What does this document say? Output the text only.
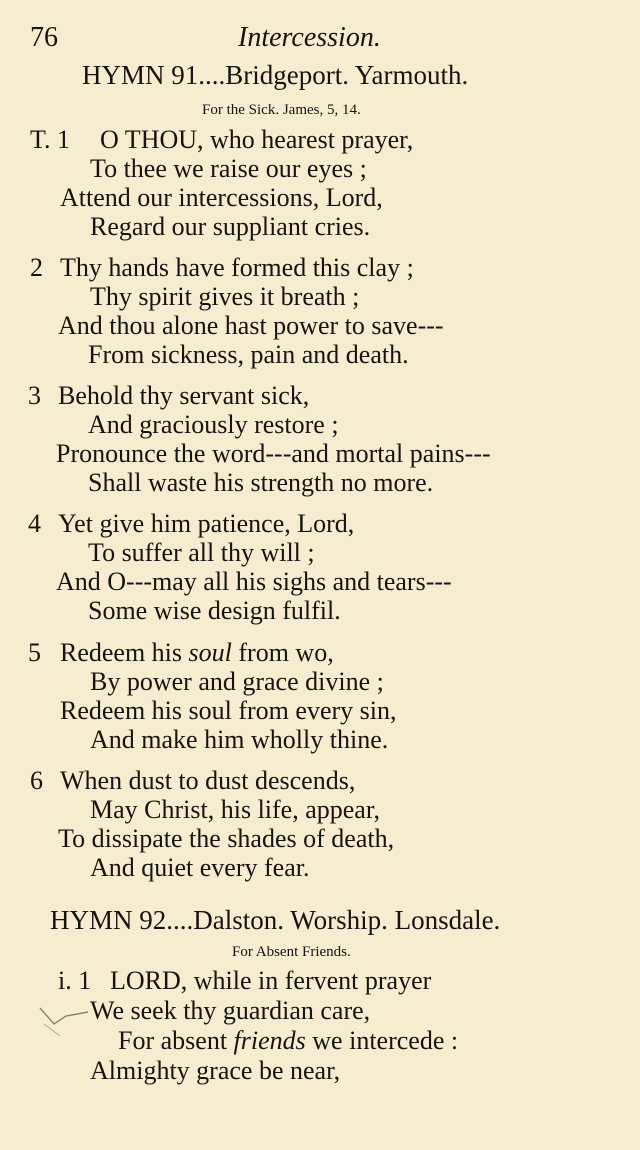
76	Intercession.
HYMN 91....Bridgeport. Yarmouth.
For the Sick. James, 5, 14.
T. 1 O THOU, who hearest prayer,
To thee we raise our eyes ;
Attend our intercessions, Lord,
Regard our suppliant cries.
2 Thy hands have formed this clay ;
Thy spirit gives it breath ;
And thou alone hast power to save---
From sickness, pain and death.
3 Behold thy servant sick,
And graciously restore ;
Pronounce the word---and mortal pains---
Shall waste his strength no more.
4 Yet give him patience, Lord,
To suffer all thy will ;
And O---may all his sighs and tears---
Some wise design fulfil.
5 Redeem his soul from wo,
By power and grace divine ;
Redeem his soul from every sin,
And make him wholly thine.
6 When dust to dust descends,
May Christ, his life, appear,
To dissipate the shades of death,
And quiet every fear.
HYMN 92....Dalston. Worship. Lonsdale.
For Absent Friends.
i. 1 LORD, while in fervent prayer
We seek thy guardian care,
For absent friends we intercede :
Almighty grace be near,
